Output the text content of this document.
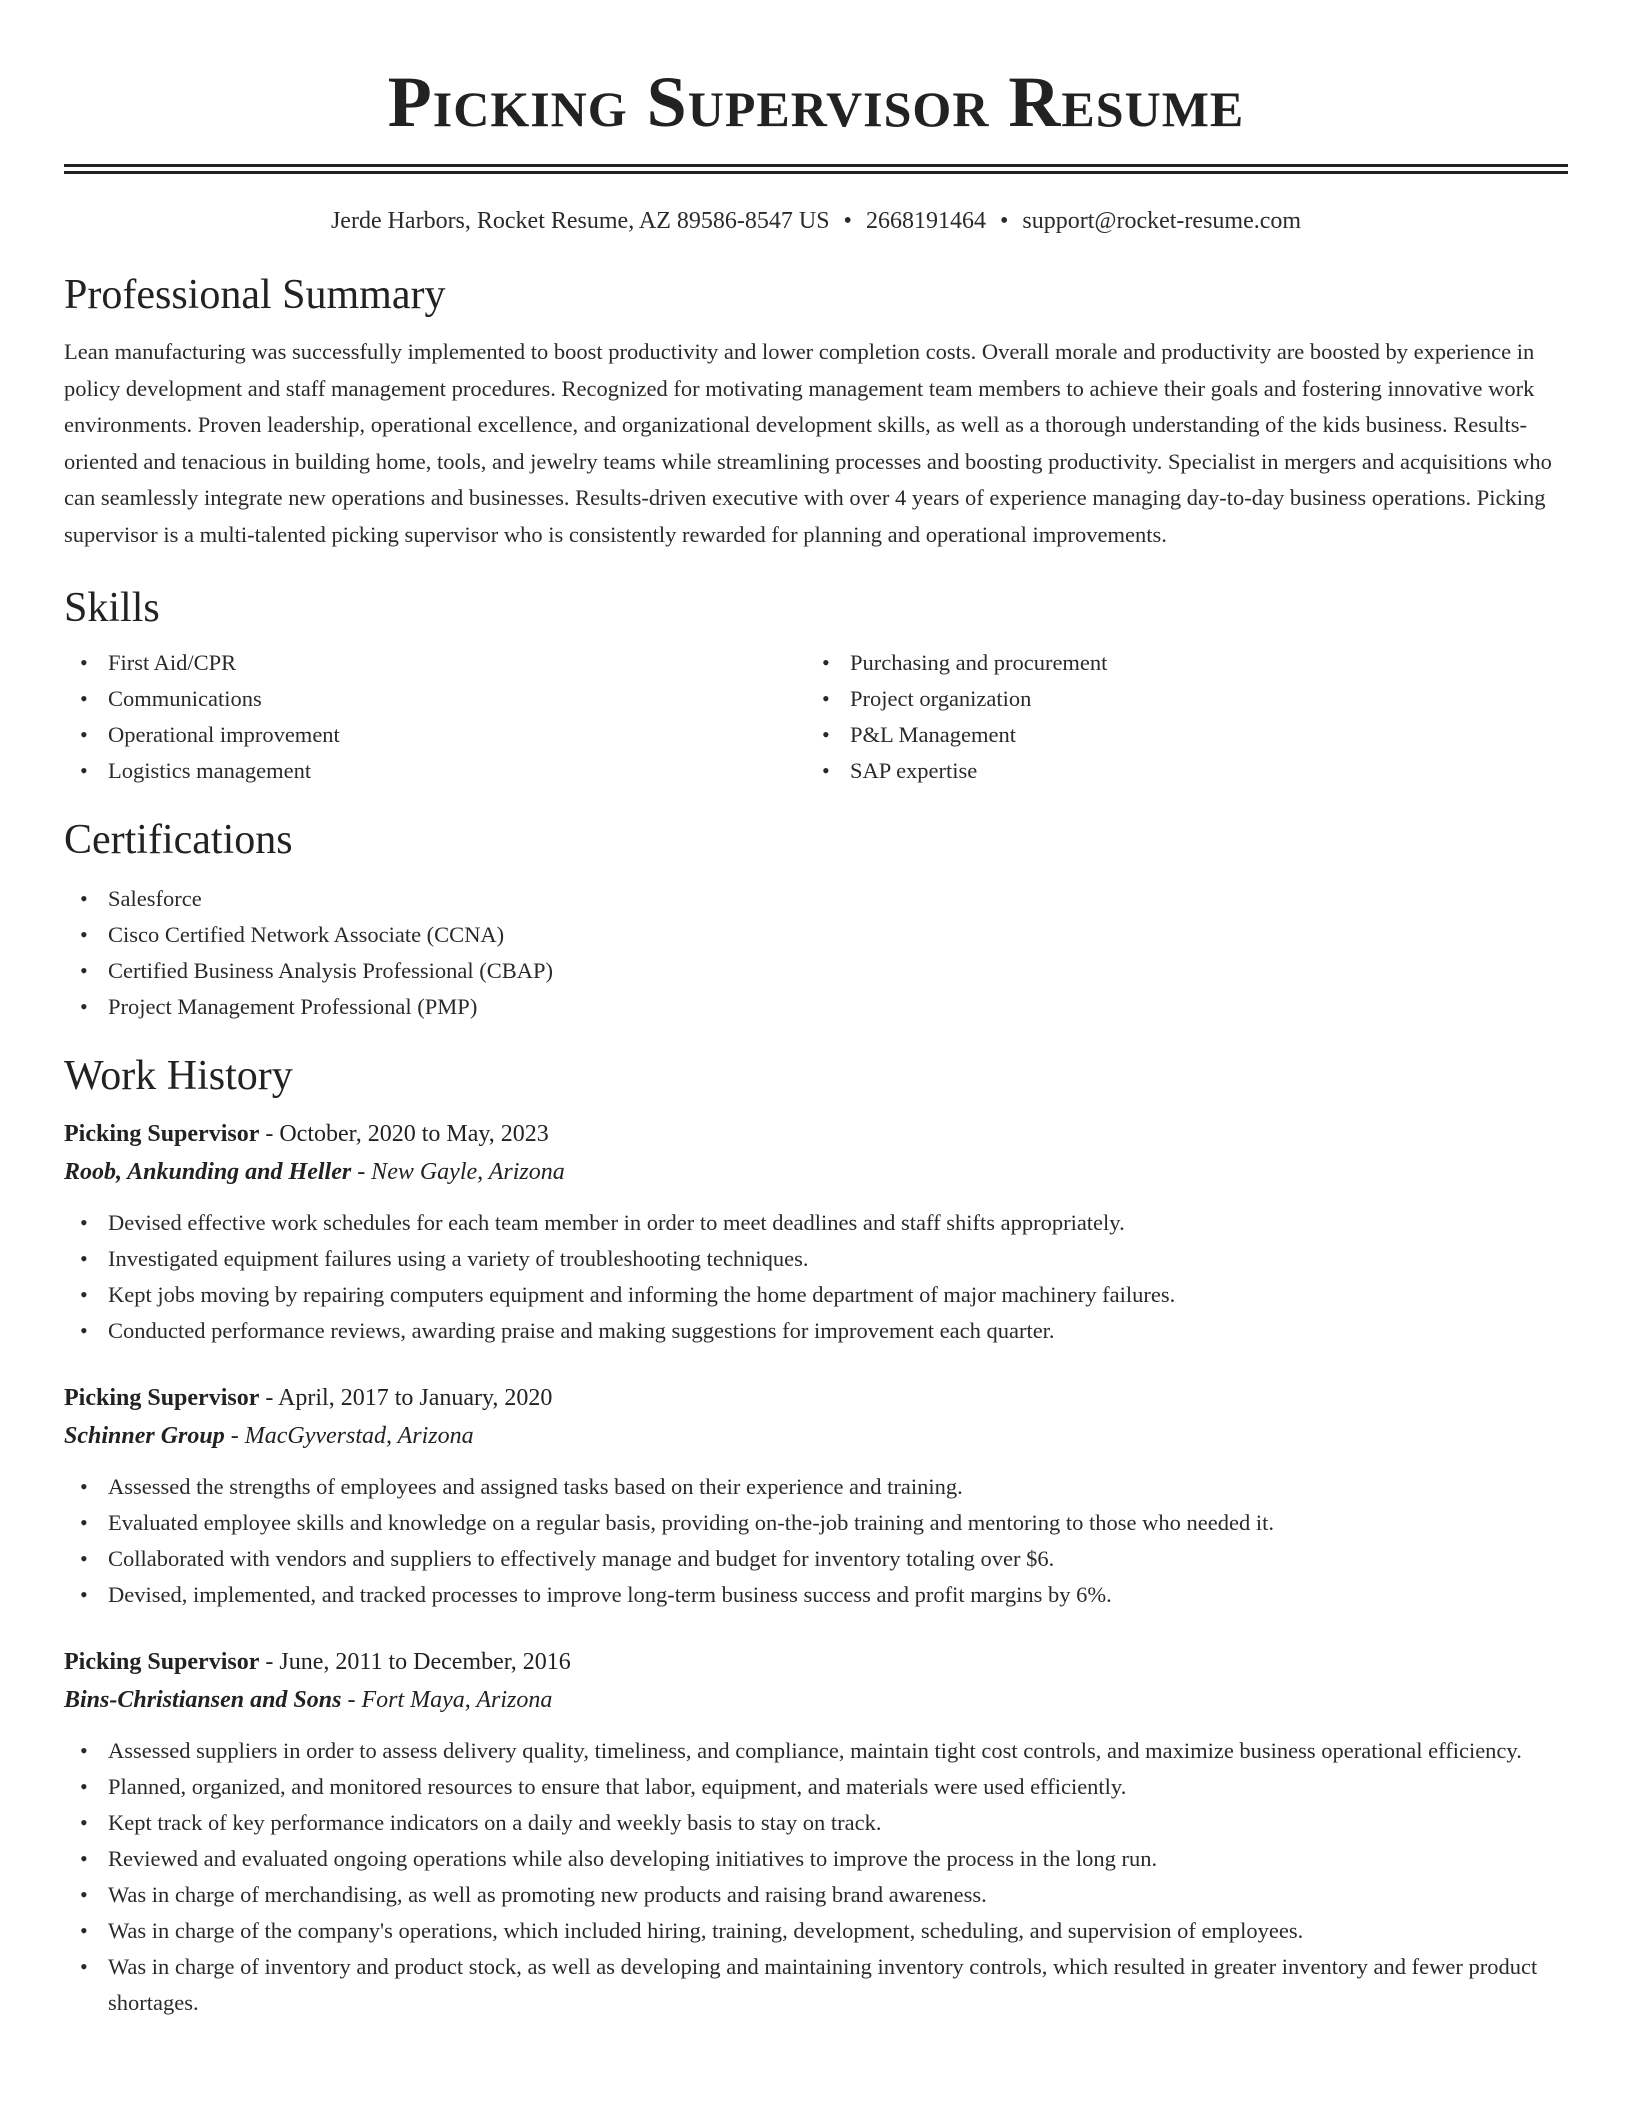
Picking Supervisor Resume
Jerde Harbors, Rocket Resume, AZ 89586-8547 US • 2668191464 • support@rocket-resume.com
Professional Summary

Lean manufacturing was successfully implemented to boost productivity and lower completion costs. Overall morale and productivity are boosted by experience in policy development and staff management procedures. Recognized for motivating management team members to achieve their goals and fostering innovative work environments. Proven leadership, operational excellence, and organizational development skills, as well as a thorough understanding of the kids business. Results-oriented and tenacious in building home, tools, and jewelry teams while streamlining processes and boosting productivity. Specialist in mergers and acquisitions who can seamlessly integrate new operations and businesses. Results-driven executive with over 4 years of experience managing day-to-day business operations. Picking supervisor is a multi-talented picking supervisor who is consistently rewarded for planning and operational improvements.

Skills
• First Aid/CPR
• Communications
• Operational improvement
• Logistics management
• Purchasing and procurement
• Project organization
• P&L Management
• SAP expertise
Certifications
• Salesforce
• Cisco Certified Network Associate (CCNA)
• Certified Business Analysis Professional (CBAP)
• Project Management Professional (PMP)
Work History
Picking Supervisor - October, 2020 to May, 2023
Roob, Ankunding and Heller - New Gayle, Arizona
• Devised effective work schedules for each team member in order to meet deadlines and staff shifts appropriately.
• Investigated equipment failures using a variety of troubleshooting techniques.
• Kept jobs moving by repairing computers equipment and informing the home department of major machinery failures.
• Conducted performance reviews, awarding praise and making suggestions for improvement each quarter.
Picking Supervisor - April, 2017 to January, 2020
Schinner Group - MacGyverstad, Arizona
• Assessed the strengths of employees and assigned tasks based on their experience and training.
• Evaluated employee skills and knowledge on a regular basis, providing on-the-job training and mentoring to those who needed it.
• Collaborated with vendors and suppliers to effectively manage and budget for inventory totaling over $6.
• Devised, implemented, and tracked processes to improve long-term business success and profit margins by 6%.
Picking Supervisor - June, 2011 to December, 2016
Bins-Christiansen and Sons - Fort Maya, Arizona
• Assessed suppliers in order to assess delivery quality, timeliness, and compliance, maintain tight cost controls, and maximize business operational efficiency.
• Planned, organized, and monitored resources to ensure that labor, equipment, and materials were used efficiently.
• Kept track of key performance indicators on a daily and weekly basis to stay on track.
• Reviewed and evaluated ongoing operations while also developing initiatives to improve the process in the long run.
• Was in charge of merchandising, as well as promoting new products and raising brand awareness.
• Was in charge of the company's operations, which included hiring, training, development, scheduling, and supervision of employees.
• Was in charge of inventory and product stock, as well as developing and maintaining inventory controls, which resulted in greater inventory and fewer product shortages.
